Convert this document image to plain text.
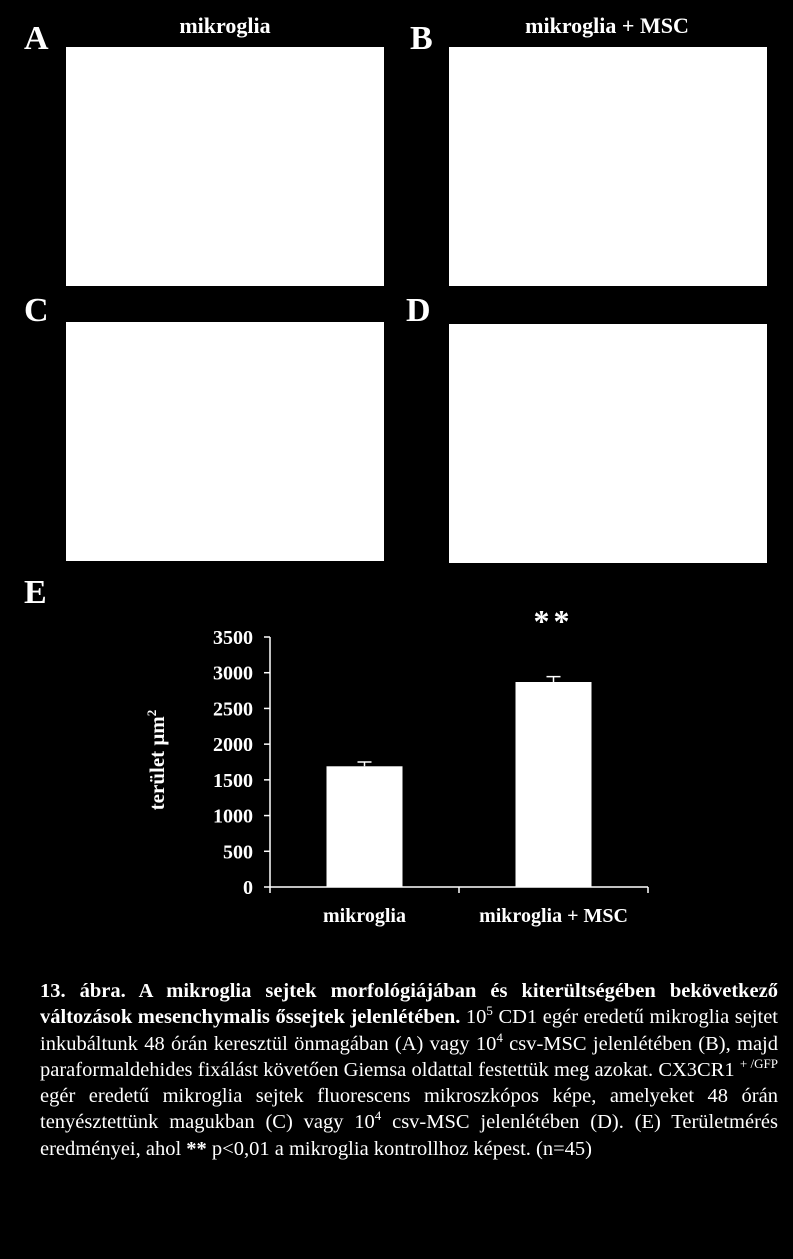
A	mikroglia	B	mikroglia + MSC
C	D
E
0
500
1000
1500
2000
2500
3000
3500
mikroglia	mikroglia + MSC
**
terület $\mu m^2$
13. ábra. A mikroglia sejtek morfológiájában és kiterültségében bekövetkező változások mesenchymalis őssejtek jelenlétében. $10^5$ CD1 egér eredetű mikroglia sejtet inkubáltunk 48 órán keresztül önmagában (A) vagy $10^4$ csv-MSC jelenlétében (B), majd paraformaldehides fixálást követően Giemsa oldattal festettük meg azokat. CX3CR1 $^{+ /GFP}$ egér eredetű mikroglia sejtek fluorescens mikroszkópos képe, amelyeket 48 órán tenyésztettünk magukban (C) vagy $10^4$ csv-MSC jelenlétében (D). (E) Területmérés eredményei, ahol ** p<0,01 a mikroglia kontrollhoz képest. (n=45)
